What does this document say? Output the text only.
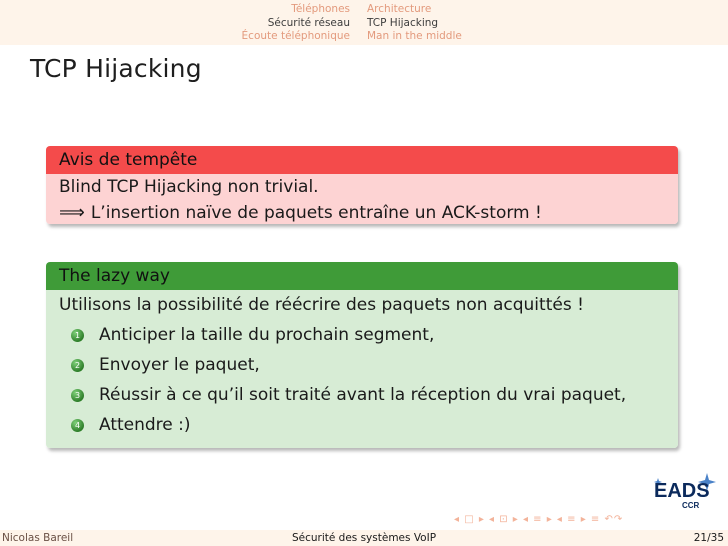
Téléphones
Sécurité réseau
Écoute téléphonique
Architecture
TCP Hijacking
Man in the middle
TCP Hijacking
Avis de tempête
Blind TCP Hijacking non trivial.
⟹ L’insertion naïve de paquets entraîne un ACK-storm !
The lazy way
Utilisons la possibilité de réécrire des paquets non acquittés !
1 Anticiper la taille du prochain segment,
2 Envoyer le paquet,
3 Réussir à ce qu’il soit traité avant la réception du vrai paquet,
4 Attendre :)
EADS
CCR
◂ □ ▸ ◂ ⊡ ▸ ◂ ≡ ▸ ◂ ≡ ▸ ≡ ↶↷
Nicolas Bareil	Sécurité des systèmes VoIP	21/35
